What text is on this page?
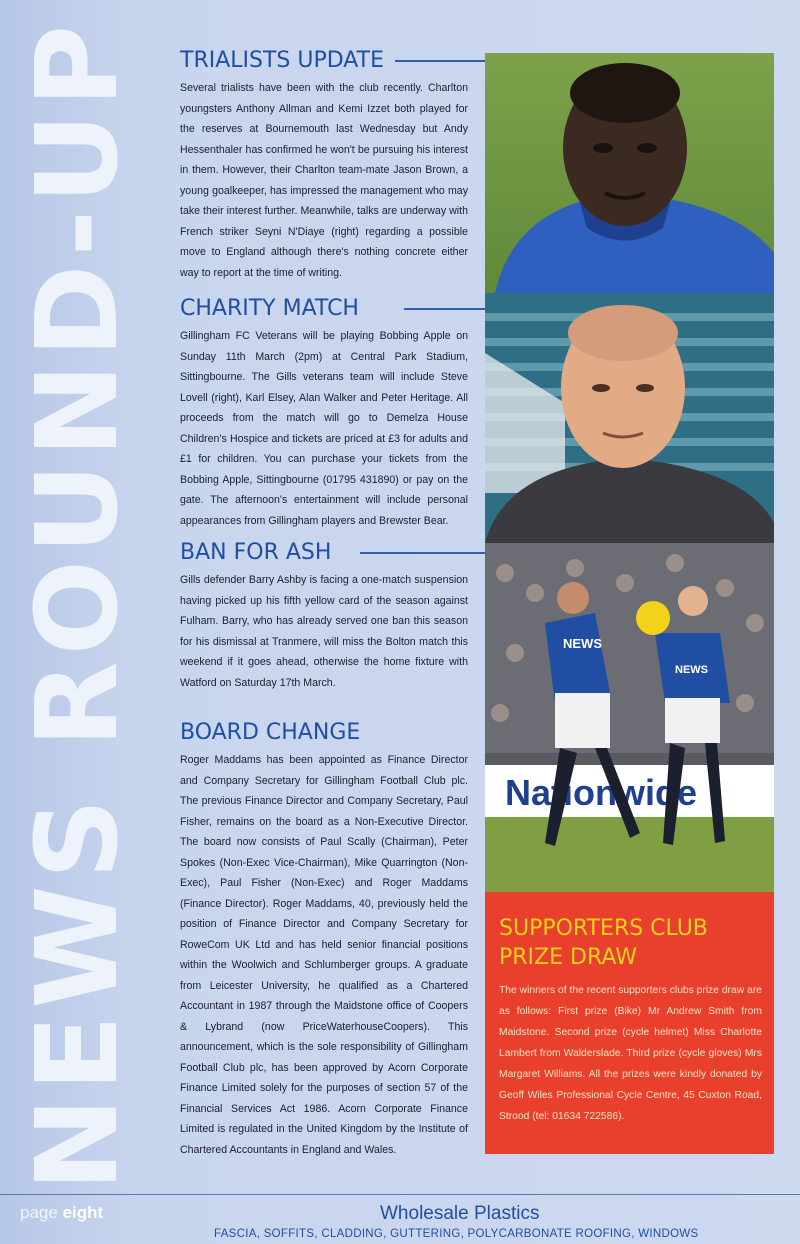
NEWS ROUND-UP TRIALISTS UPDATE

Several trialists have been with the club recently. Charlton youngsters Anthony Allman and Kemi Izzet both played for the reserves at Bournemouth last Wednesday but Andy Hessenthaler has confirmed he won't be pursuing his interest in them. However, their Charlton team-mate Jason Brown, a young goalkeeper, has impressed the management who may take their interest further. Meanwhile, talks are underway with French striker Seyni N'Diaye (right) regarding a possible move to England although there's nothing concrete either way to report at the time of writing.

CHARITY MATCH

Gillingham FC Veterans will be playing Bobbing Apple on Sunday 11th March (2pm) at Central Park Stadium, Sittingbourne. The Gills veterans team will include Steve Lovell (right), Karl Elsey, Alan Walker and Peter Heritage. All proceeds from the match will go to Demelza House Children's Hospice and tickets are priced at £3 for adults and £1 for children. You can purchase your tickets from the Bobbing Apple, Sittingbourne (01795 431890) or pay on the gate. The afternoon's entertainment will include personal appearances from Gillingham players and Brewster Bear.

BAN FOR ASH

Gills defender Barry Ashby is facing a one-match suspension having picked up his fifth yellow card of the season against Fulham. Barry, who has already served one ban this season for his dismissal at Tranmere, will miss the Bolton match this weekend if it goes ahead, otherwise the home fixture with Watford on Saturday 17th March.

BOARD CHANGE

Roger Maddams has been appointed as Finance Director and Company Secretary for Gillingham Football Club plc. The previous Finance Director and Company Secretary, Paul Fisher, remains on the board as a Non-Executive Director. The board now consists of Paul Scally (Chairman), Peter Spokes (Non-Exec Vice-Chairman), Mike Quarrington (Non-Exec), Paul Fisher (Non-Exec) and Roger Maddams (Finance Director). Roger Maddams, 40, previously held the position of Finance Director and Company Secretary for RoweCom UK Ltd and has held senior financial positions within the Woolwich and Schlumberger groups. A graduate from Leicester University, he qualified as a Chartered Accountant in 1987 through the Maidstone office of Coopers & Lybrand (now PriceWaterhouseCoopers). This announcement, which is the sole responsibility of Gillingham Football Club plc, has been approved by Acorn Corporate Finance Limited solely for the purposes of section 57 of the Financial Services Act 1986. Acorn Corporate Finance Limited is regulated in the United Kingdom by the Institute of Chartered Accountants in England and Wales.

Nationwide
NEWS
NEWS
SUPPORTERS CLUB
PRIZE DRAW

The winners of the recent supporters clubs prize draw are as follows: First prize (Bike) Mr Andrew Smith from Maidstone. Second prize (cycle helmet) Miss Charlotte Lambert from Walderslade. Third prize (cycle gloves) Mrs Margaret Williams. All the prizes were kindly donated by Geoff Wiles Professional Cycle Centre, 45 Cuxton Road, Strood (tel: 01634 722586).

page eight	Wholesale Plastics
FASCIA, SOFFITS, CLADDING, GUTTERING, POLYCARBONATE ROOFING, WINDOWS
